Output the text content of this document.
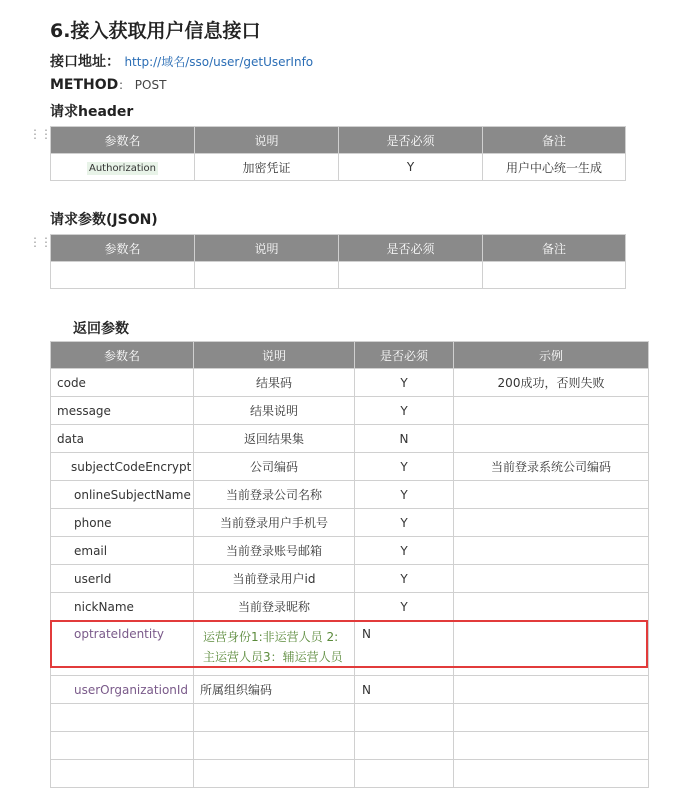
6.接入获取用户信息接口
接口地址： http://域名/sso/user/getUserInfo
METHOD： POST
请求header
⋮⋮	参数名	说明	是否必须	备注
Authorization	加密凭证	Y	用户中心统一生成
请求参数(JSON)
⋮⋮	参数名	说明	是否必须	备注

返回参数
参数名	说明	是否必须	示例
code	结果码	Y	200成功，否则失败
message	结果说明	Y	
data	返回结果集	N	
subjectCodeEncrypt	公司编码	Y	当前登录系统公司编码
onlineSubjectName	当前登录公司名称	Y	
phone	当前登录用户手机号	Y	
email	当前登录账号邮箱	Y	
userId	当前登录用户id	Y	
nickName	当前登录昵称	Y	
optrateIdentity	运营身份1:非运营人员 2:
主运营人员3：辅运营人员	N	

userOrganizationId	所属组织编码	N	
